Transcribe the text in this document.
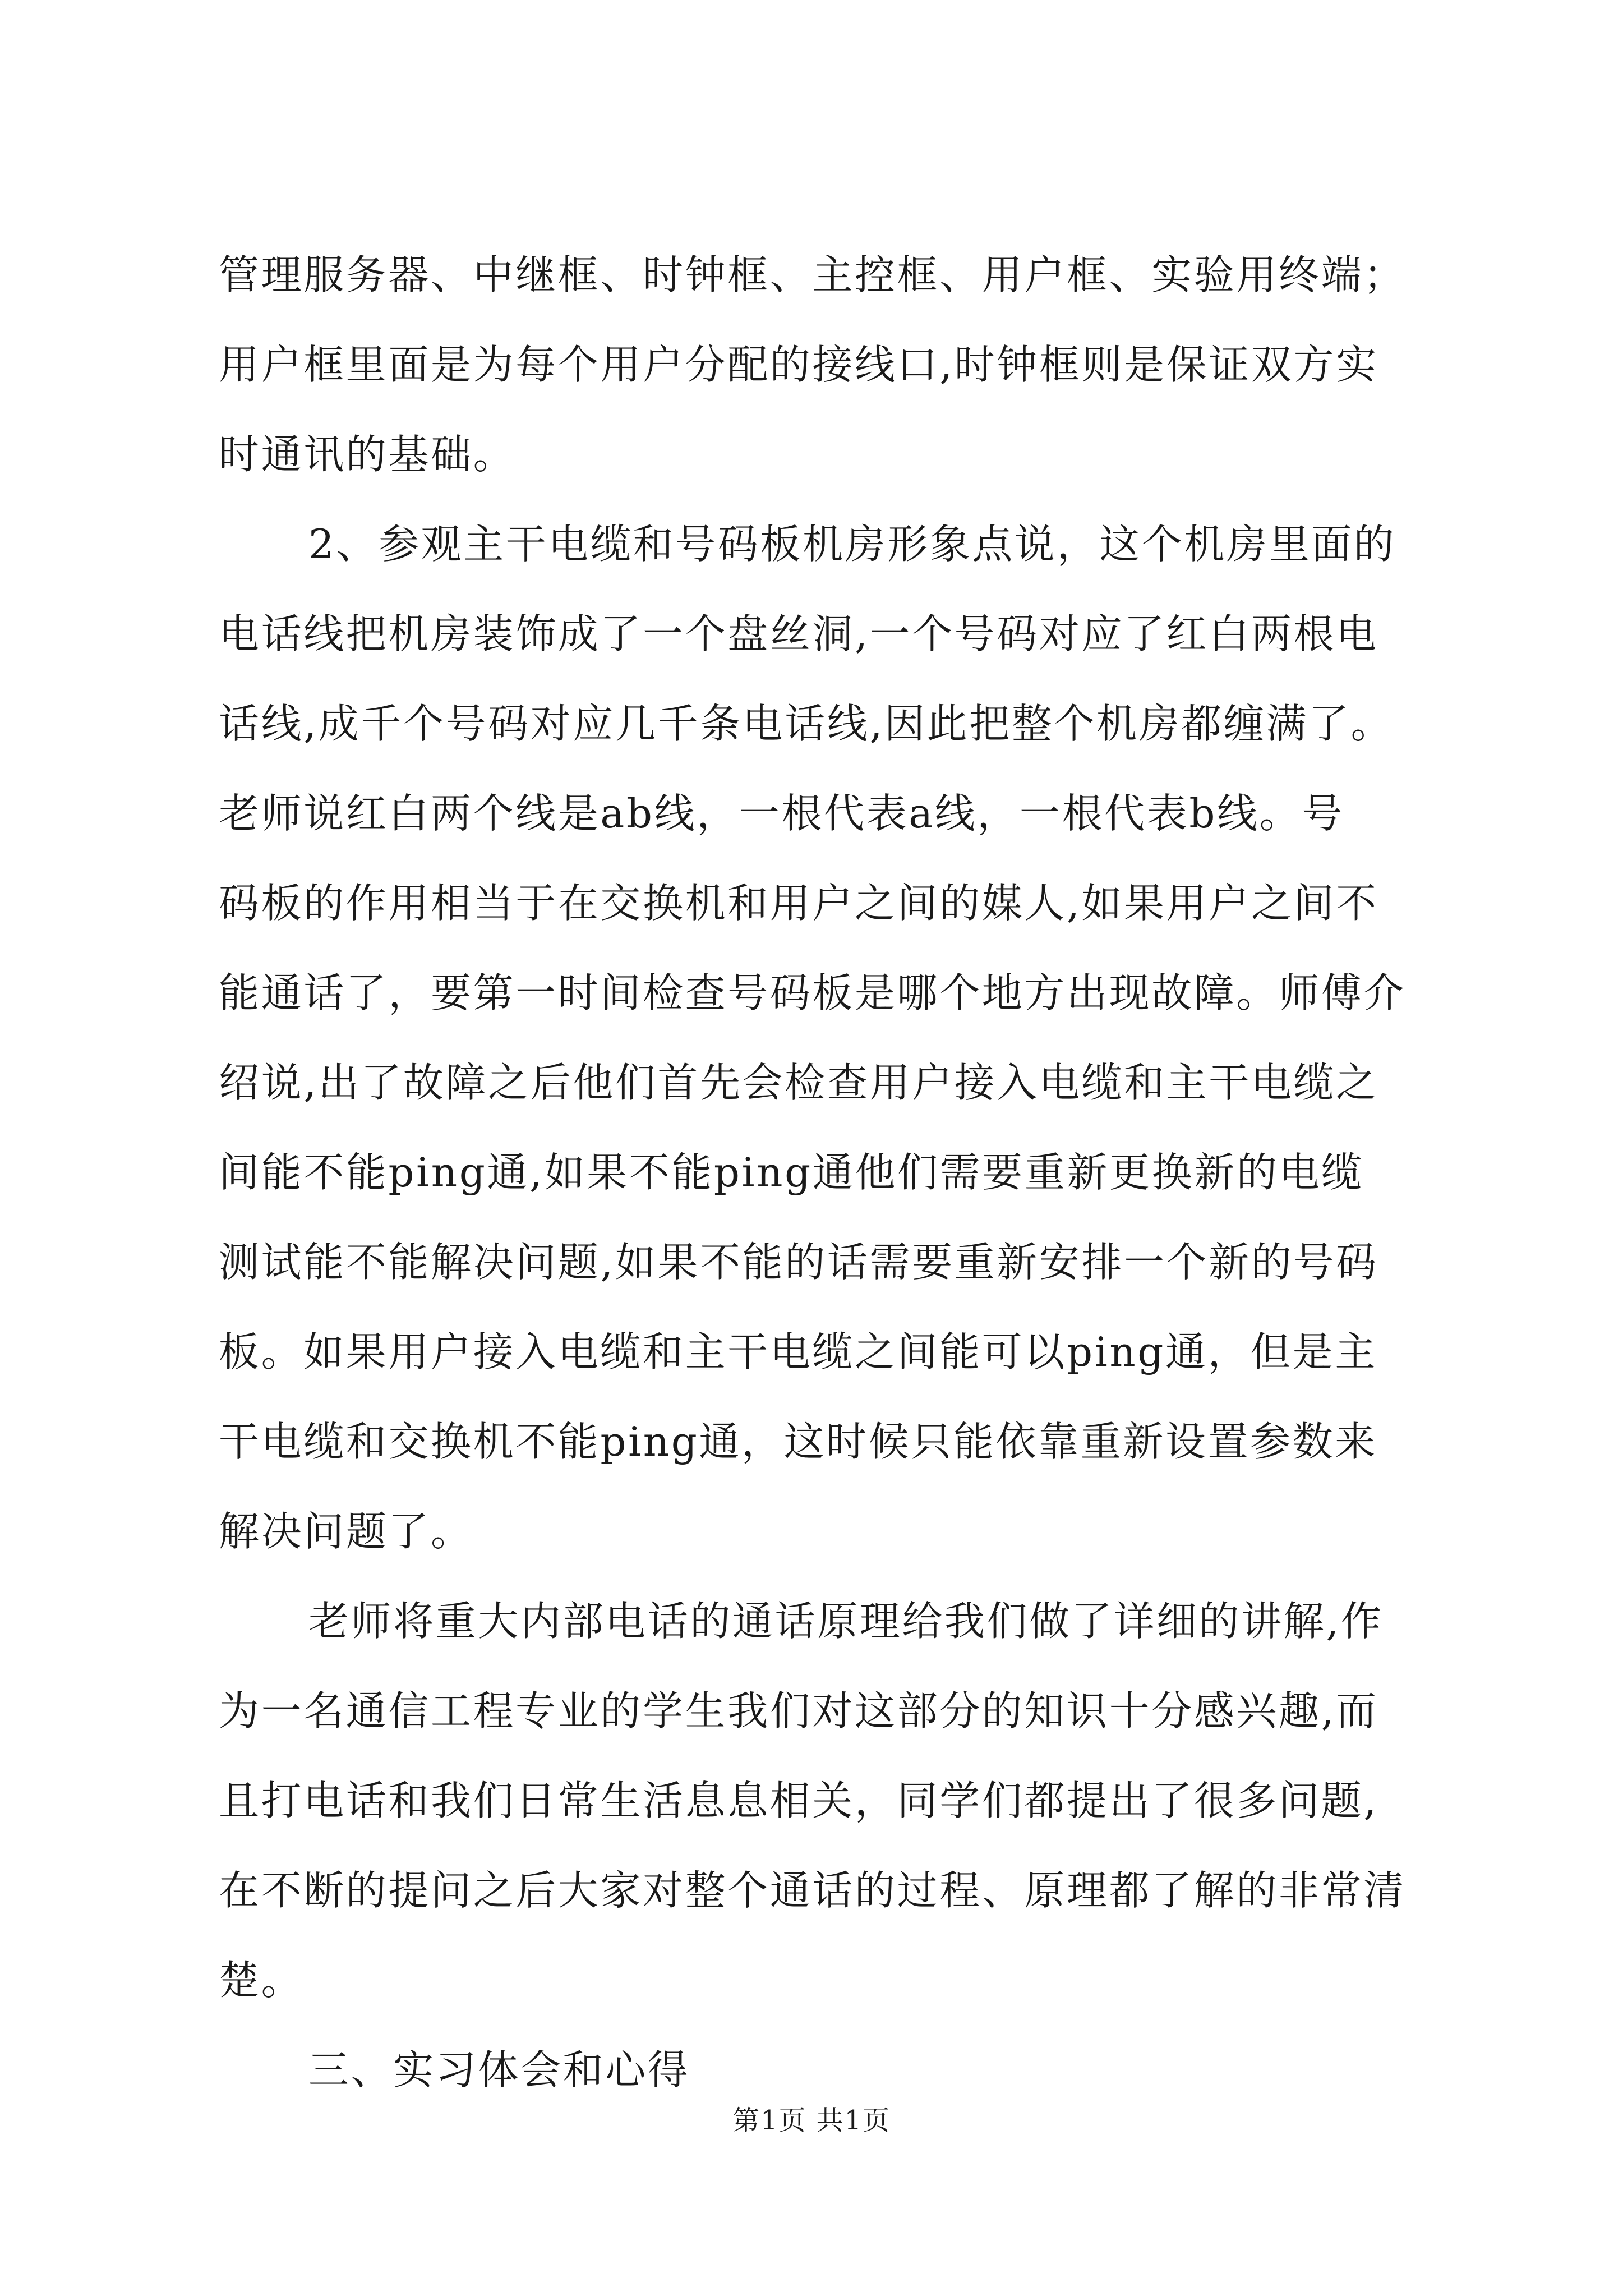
管理服务器、中继框、时钟框、主控框、用户框、实验用终端；
用户框里面是为每个用户分配的接线口,时钟框则是保证双方实
时通讯的基础。
2、参观主干电缆和号码板机房形象点说，这个机房里面的
电话线把机房装饰成了一个盘丝洞,一个号码对应了红白两根电
话线,成千个号码对应几千条电话线,因此把整个机房都缠满了。
老师说红白两个线是ab线，一根代表a线，一根代表b线。号
码板的作用相当于在交换机和用户之间的媒人,如果用户之间不
能通话了，要第一时间检查号码板是哪个地方出现故障。师傅介
绍说,出了故障之后他们首先会检查用户接入电缆和主干电缆之
间能不能ping通,如果不能ping通他们需要重新更换新的电缆
测试能不能解决问题,如果不能的话需要重新安排一个新的号码
板。如果用户接入电缆和主干电缆之间能可以ping通，但是主
干电缆和交换机不能ping通，这时候只能依靠重新设置参数来
解决问题了。
老师将重大内部电话的通话原理给我们做了详细的讲解,作
为一名通信工程专业的学生我们对这部分的知识十分感兴趣,而
且打电话和我们日常生活息息相关，同学们都提出了很多问题,
在不断的提问之后大家对整个通话的过程、原理都了解的非常清
楚。
三、实习体会和心得
第1页 共1页
